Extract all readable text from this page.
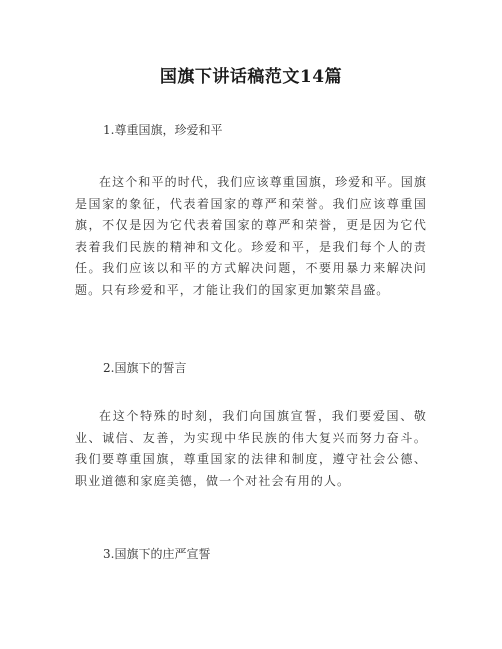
国旗下讲话稿范文14篇

1.尊重国旗，珍爱和平

在这个和平的时代，我们应该尊重国旗，珍爱和平。国旗是国家的象征，代表着国家的尊严和荣誉。我们应该尊重国旗，不仅是因为它代表着国家的尊严和荣誉，更是因为它代表着我们民族的精神和文化。珍爱和平，是我们每个人的责任。我们应该以和平的方式解决问题，不要用暴力来解决问题。只有珍爱和平，才能让我们的国家更加繁荣昌盛。

2.国旗下的誓言

在这个特殊的时刻，我们向国旗宣誓，我们要爱国、敬业、诚信、友善，为实现中华民族的伟大复兴而努力奋斗。我们要尊重国旗，尊重国家的法律和制度，遵守社会公德、职业道德和家庭美德，做一个对社会有用的人。

3.国旗下的庄严宣誓
